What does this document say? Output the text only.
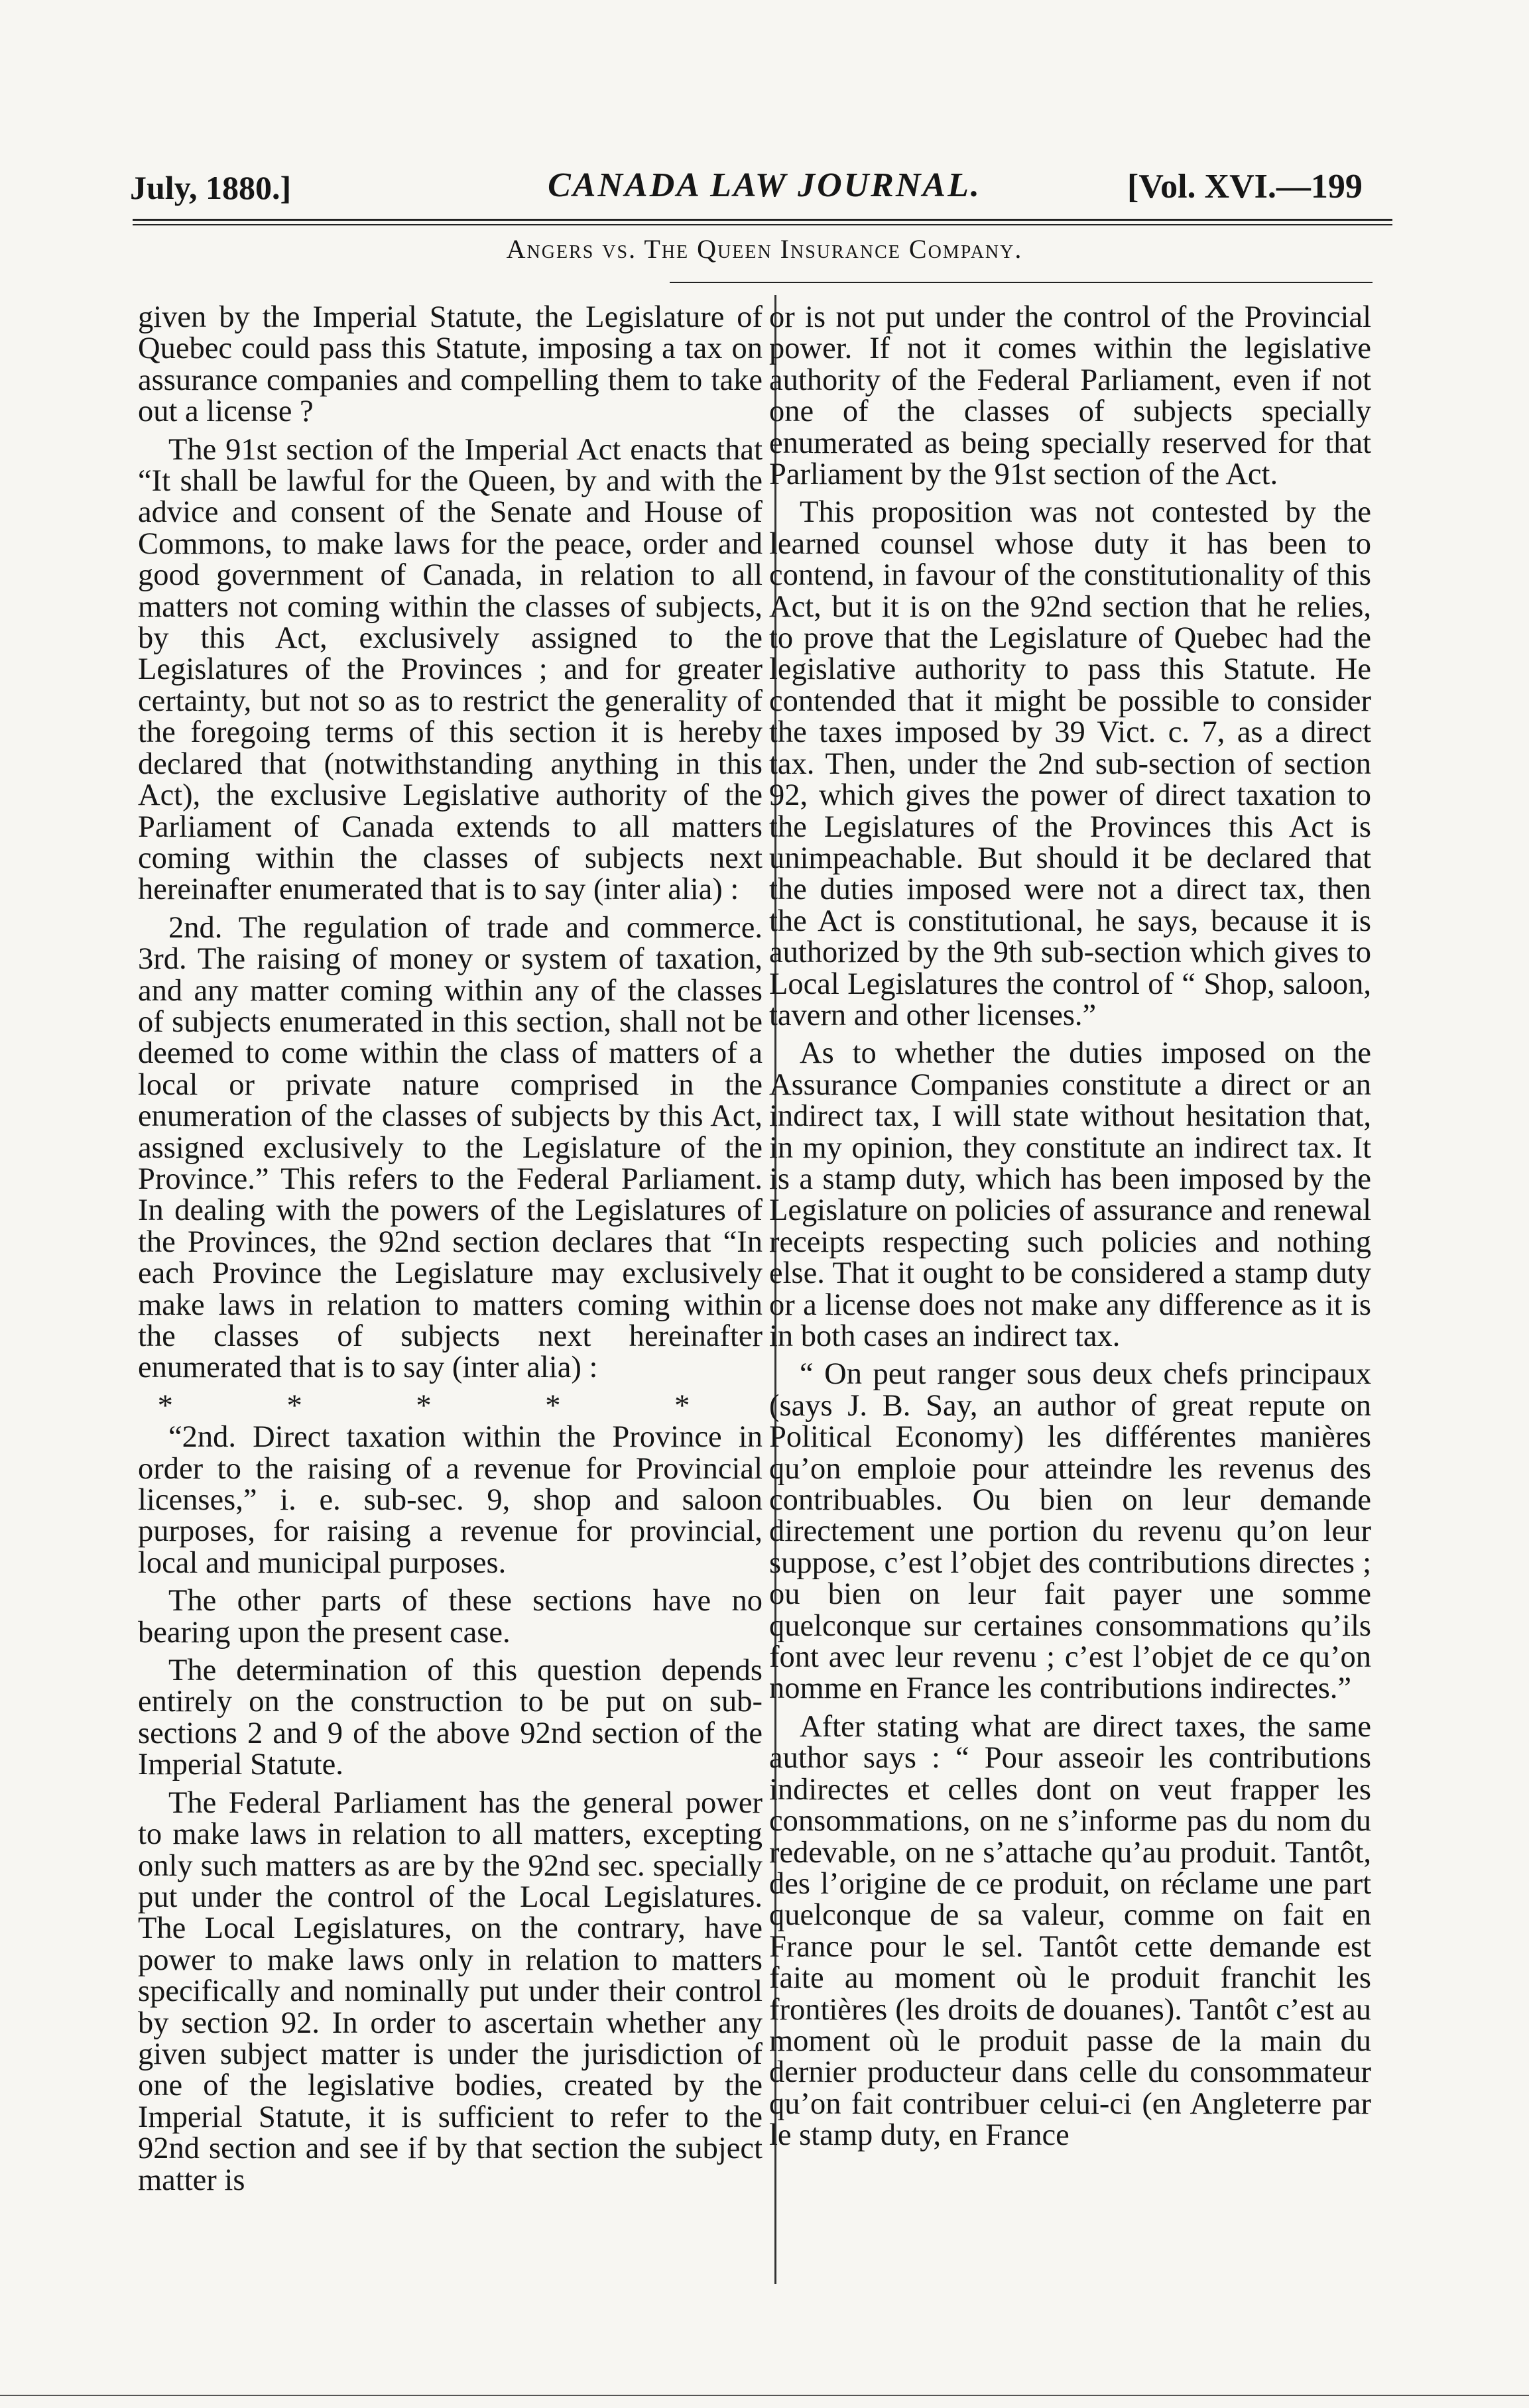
July, 1880.]	CANADA LAW JOURNAL.	[Vol. XVI.—199
Angers vs. The Queen Insurance Company.

given by the Imperial Statute, the Legislature of Quebec could pass this Statute, imposing a tax on assurance companies and compelling them to take out a license ?

The 91st section of the Imperial Act enacts that “It shall be lawful for the Queen, by and with the advice and consent of the Senate and House of Commons, to make laws for the peace, order and good government of Canada, in relation to all matters not coming within the classes of subjects, by this Act, exclusively assigned to the Legislatures of the Provinces ; and for greater certainty, but not so as to restrict the generality of the foregoing terms of this section it is hereby declared that (notwithstanding anything in this Act), the exclusive Legislative authority of the Parliament of Canada extends to all matters coming within the classes of subjects next hereinafter enumerated that is to say (inter alia) :

2nd. The regulation of trade and commerce. 3rd. The raising of money or system of taxation, and any matter coming within any of the classes of subjects enumerated in this section, shall not be deemed to come within the class of matters of a local or private nature comprised in the enumeration of the classes of subjects by this Act, assigned exclusively to the Legislature of the Province.” This refers to the Federal Parliament. In dealing with the powers of the Legislatures of the Provinces, the 92nd section declares that “In each Province the Legislature may exclusively make laws in relation to matters coming within the classes of subjects next hereinafter enumerated that is to say (inter alia) :

* * * * *

“2nd. Direct taxation within the Province in order to the raising of a revenue for Provincial licenses,” i. e. sub-sec. 9, shop and saloon purposes, for raising a revenue for provincial, local and municipal purposes.

The other parts of these sections have no bearing upon the present case.

The determination of this question depends entirely on the construction to be put on sub-sections 2 and 9 of the above 92nd section of the Imperial Statute.

The Federal Parliament has the general power to make laws in relation to all matters, excepting only such matters as are by the 92nd sec. specially put under the control of the Local Legislatures. The Local Legislatures, on the contrary, have power to make laws only in relation to matters specifically and nominally put under their control by section 92. In order to ascertain whether any given subject matter is under the jurisdiction of one of the legislative bodies, created by the Imperial Statute, it is sufficient to refer to the 92nd section and see if by that section the subject matter is

or is not put under the control of the Provincial power. If not it comes within the legislative authority of the Federal Parliament, even if not one of the classes of subjects specially enumerated as being specially reserved for that Parliament by the 91st section of the Act.

This proposition was not contested by the learned counsel whose duty it has been to contend, in favour of the constitutionality of this Act, but it is on the 92nd section that he relies, to prove that the Legislature of Quebec had the legislative authority to pass this Statute. He contended that it might be possible to consider the taxes imposed by 39 Vict. c. 7, as a direct tax. Then, under the 2nd sub-section of section 92, which gives the power of direct taxation to the Legislatures of the Provinces this Act is unimpeachable. But should it be declared that the duties imposed were not a direct tax, then the Act is constitutional, he says, because it is authorized by the 9th sub-section which gives to Local Legislatures the control of “ Shop, saloon, tavern and other licenses.”

As to whether the duties imposed on the Assurance Companies constitute a direct or an indirect tax, I will state without hesitation that, in my opinion, they constitute an indirect tax. It is a stamp duty, which has been imposed by the Legislature on policies of assurance and renewal receipts respecting such policies and nothing else. That it ought to be considered a stamp duty or a license does not make any difference as it is in both cases an indirect tax.

“ On peut ranger sous deux chefs principaux (says J. B. Say, an author of great repute on Political Economy) les différentes manières qu’on emploie pour atteindre les revenus des contribuables. Ou bien on leur demande directement une portion du revenu qu’on leur suppose, c’est l’objet des contributions directes ; ou bien on leur fait payer une somme quelconque sur certaines consommations qu’ils font avec leur revenu ; c’est l’objet de ce qu’on nomme en France les contributions indirectes.”

After stating what are direct taxes, the same author says : “ Pour asseoir les contributions indirectes et celles dont on veut frapper les consommations, on ne s’informe pas du nom du redevable, on ne s’attache qu’au produit. Tantôt, des l’origine de ce produit, on réclame une part quelconque de sa valeur, comme on fait en France pour le sel. Tantôt cette demande est faite au moment où le produit franchit les frontières (les droits de douanes). Tantôt c’est au moment où le produit passe de la main du dernier producteur dans celle du consommateur qu’on fait contribuer celui-ci (en Angleterre par le stamp duty, en France
